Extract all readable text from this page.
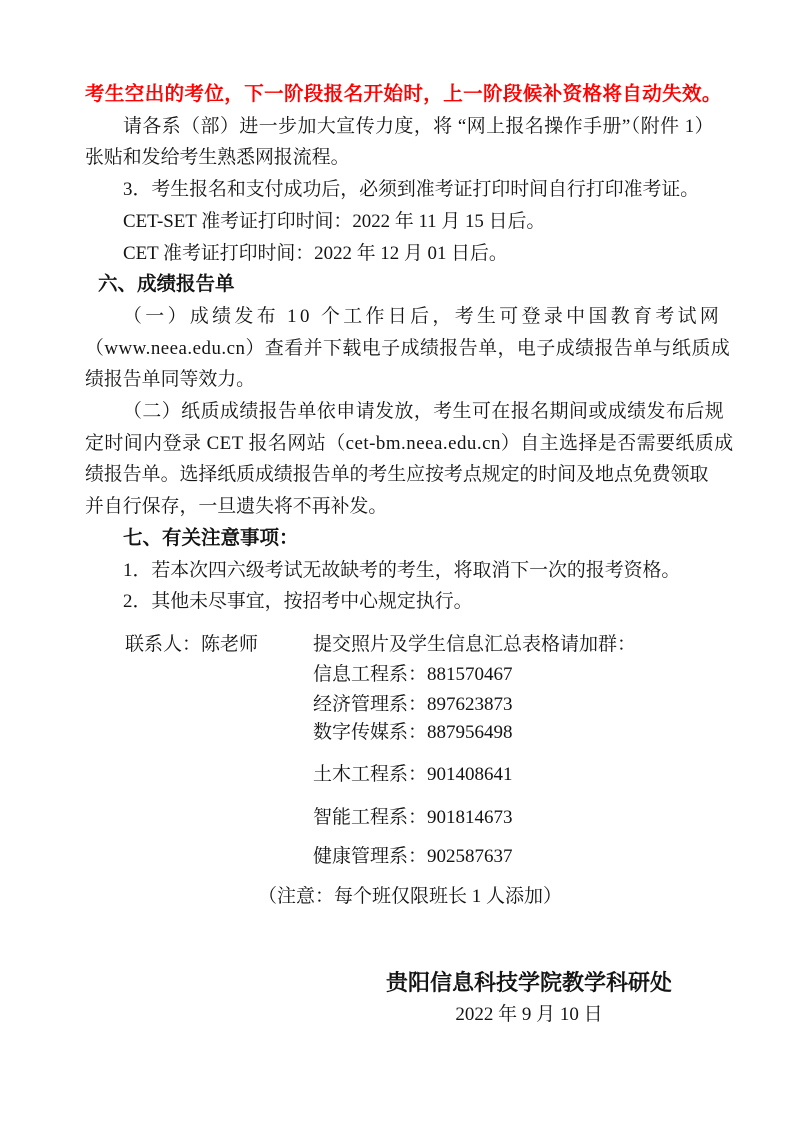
考生空出的考位，下一阶段报名开始时，上一阶段候补资格将自动失效。
请各系（部）进一步加大宣传力度，将 “网上报名操作手册”（附件 1）
张贴和发给考生熟悉网报流程。
3．考生报名和支付成功后，必须到准考证打印时间自行打印准考证。
CET-SET 准考证打印时间：2022 年 11 月 15 日后。
CET 准考证打印时间：2022 年 12 月 01 日后。
六、成绩报告单
（一）成绩发布 10 个工作日后，考生可登录中国教育考试网
（www.neea.edu.cn）查看并下载电子成绩报告单，电子成绩报告单与纸质成
绩报告单同等效力。
（二）纸质成绩报告单依申请发放，考生可在报名期间或成绩发布后规
定时间内登录 CET 报名网站（cet-bm.neea.edu.cn）自主选择是否需要纸质成
绩报告单。选择纸质成绩报告单的考生应按考点规定的时间及地点免费领取
并自行保存，一旦遗失将不再补发。
七、有关注意事项：
1．若本次四六级考试无故缺考的考生，将取消下一次的报考资格。
2．其他未尽事宜，按招考中心规定执行。
联系人：陈老师	提交照片及学生信息汇总表格请加群：
信息工程系：881570467
经济管理系：897623873
数字传媒系：887956498
土木工程系：901408641
智能工程系：901814673
健康管理系：902587637
（注意：每个班仅限班长 1 人添加）
贵阳信息科技学院教学科研处
2022 年 9 月 10 日
